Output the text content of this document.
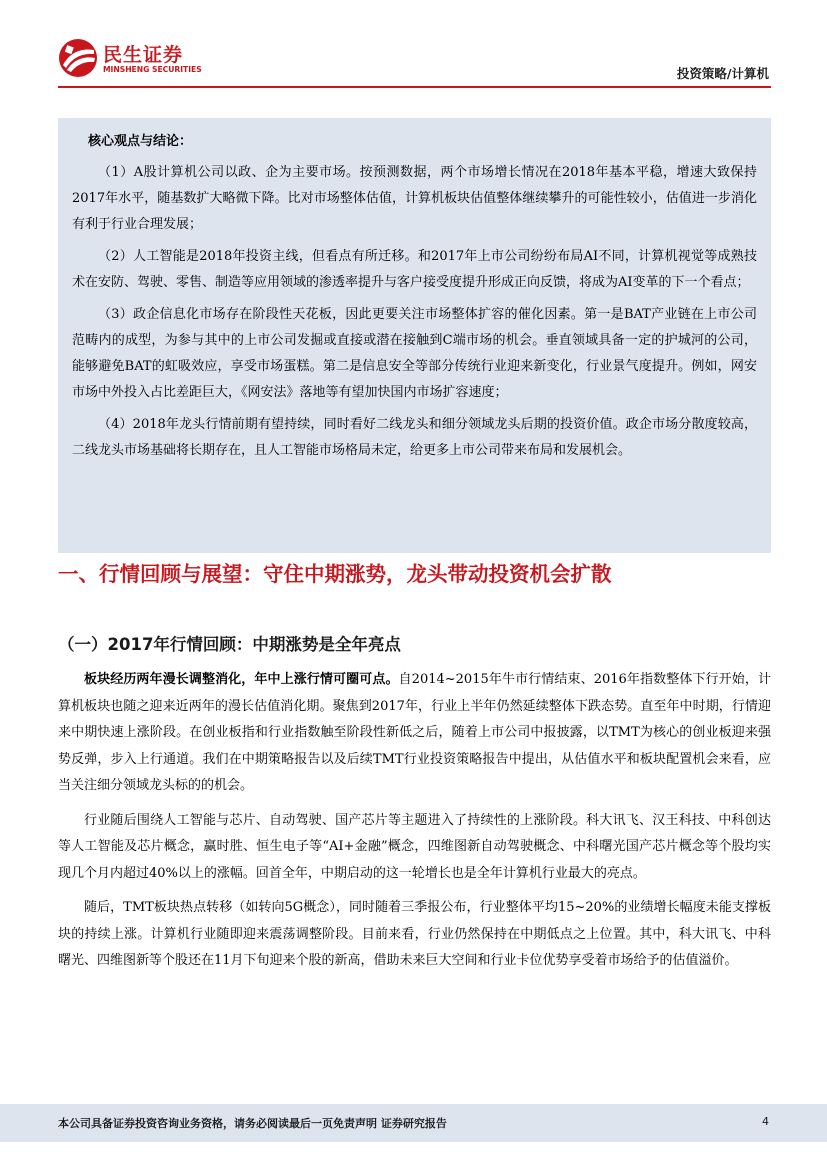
民生证券
MINSHENG SECURITIES	投资策略/计算机

核心观点与结论：

（1）A股计算机公司以政、企为主要市场。按预测数据，两个市场增长情况在2018年基本平稳，增速大致保持2017年水平，随基数扩大略微下降。比对市场整体估值，计算机板块估值整体继续攀升的可能性较小，估值进一步消化有利于行业合理发展；

（2）人工智能是2018年投资主线，但看点有所迁移。和2017年上市公司纷纷布局AI不同，计算机视觉等成熟技术在安防、驾驶、零售、制造等应用领域的渗透率提升与客户接受度提升形成正向反馈，将成为AI变革的下一个看点；

（3）政企信息化市场存在阶段性天花板，因此更要关注市场整体扩容的催化因素。第一是BAT产业链在上市公司范畴内的成型，为参与其中的上市公司发掘或直接或潜在接触到C端市场的机会。垂直领域具备一定的护城河的公司，能够避免BAT的虹吸效应，享受市场蛋糕。第二是信息安全等部分传统行业迎来新变化，行业景气度提升。例如，网安市场中外投入占比差距巨大，《网安法》落地等有望加快国内市场扩容速度；

（4）2018年龙头行情前期有望持续，同时看好二线龙头和细分领域龙头后期的投资价值。政企市场分散度较高，二线龙头市场基础将长期存在，且人工智能市场格局未定，给更多上市公司带来布局和发展机会。

一、行情回顾与展望：守住中期涨势，龙头带动投资机会扩散
（一）2017年行情回顾：中期涨势是全年亮点

板块经历两年漫长调整消化，年中上涨行情可圈可点。自2014~2015年牛市行情结束、2016年指数整体下行开始，计算机板块也随之迎来近两年的漫长估值消化期。聚焦到2017年，行业上半年仍然延续整体下跌态势。直至年中时期，行情迎来中期快速上涨阶段。在创业板指和行业指数触至阶段性新低之后，随着上市公司中报披露，以TMT为核心的创业板迎来强势反弹，步入上行通道。我们在中期策略报告以及后续TMT行业投资策略报告中提出，从估值水平和板块配置机会来看，应当关注细分领域龙头标的的机会。

行业随后围绕人工智能与芯片、自动驾驶、国产芯片等主题进入了持续性的上涨阶段。科大讯飞、汉王科技、中科创达等人工智能及芯片概念，赢时胜、恒生电子等“AI+金融”概念，四维图新自动驾驶概念、中科曙光国产芯片概念等个股均实现几个月内超过40%以上的涨幅。回首全年，中期启动的这一轮增长也是全年计算机行业最大的亮点。

随后，TMT板块热点转移（如转向5G概念），同时随着三季报公布，行业整体平均15~20%的业绩增长幅度未能支撑板块的持续上涨。计算机行业随即迎来震荡调整阶段。目前来看，行业仍然保持在中期低点之上位置。其中，科大讯飞、中科曙光、四维图新等个股还在11月下旬迎来个股的新高，借助未来巨大空间和行业卡位优势享受着市场给予的估值溢价。

本公司具备证券投资咨询业务资格，请务必阅读最后一页免责声明 证券研究报告	4
